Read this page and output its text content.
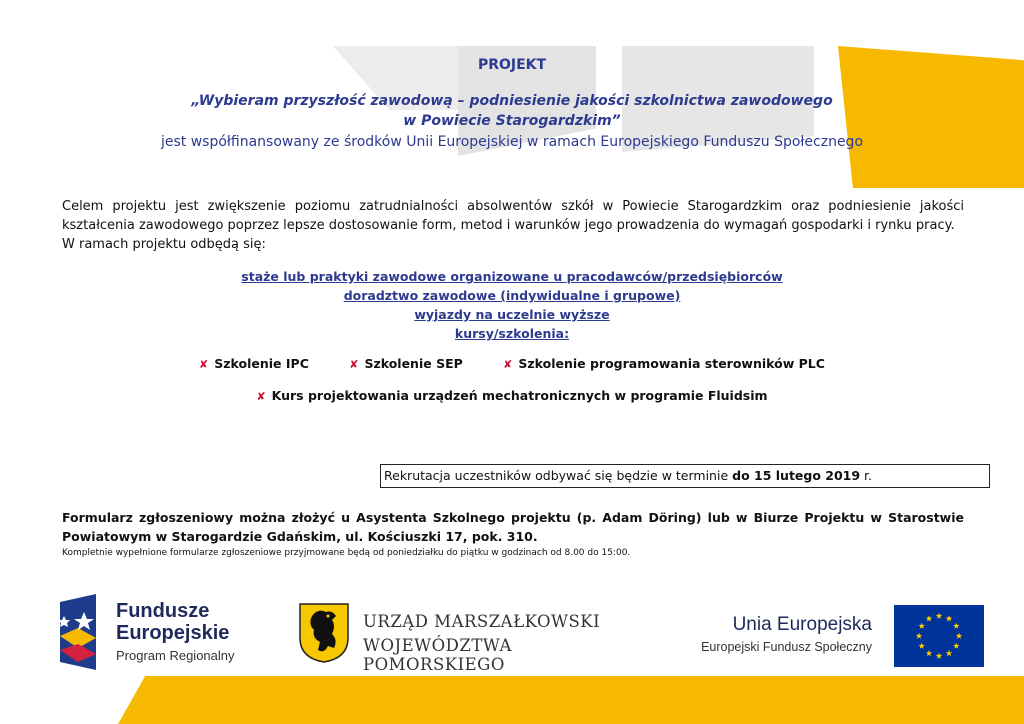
PROJEKT
„Wybieram przyszłość zawodową – podniesienie jakości szkolnictwa zawodowego
w Powiecie Starogardzkim”
jest współfinansowany ze środków Unii Europejskiej w ramach Europejskiego Funduszu Społecznego
Celem projektu jest zwiększenie poziomu zatrudnialności absolwentów szkół w Powiecie Starogardzkim oraz podniesienie jakości kształcenia zawodowego poprzez lepsze dostosowanie form, metod i warunków jego prowadzenia do wymagań gospodarki i rynku pracy.
W ramach projektu odbędą się:
staże lub praktyki zawodowe organizowane u pracodawców/przedsiębiorców
doradztwo zawodowe (indywidualne i grupowe)
wyjazdy na uczelnie wyższe
kursy/szkolenia:
✘ Szkolenie IPC	✘ Szkolenie SEP	✘ Szkolenie programowania sterowników PLC
✘ Kurs projektowania urządzeń mechatronicznych w programie Fluidsim
Rekrutacja uczestników odbywać się będzie w terminie do 15 lutego 2019 r.
Formularz zgłoszeniowy można złożyć u Asystenta Szkolnego projektu (p. Adam Döring) lub w Biurze Projektu w Starostwie Powiatowym w Starogardzie Gdańskim, ul. Kościuszki 17, pok. 310.
Kompletnie wypełnione formularze zgłoszeniowe przyjmowane będą od poniedziałku do piątku w godzinach od 8.00 do 15:00.
Fundusze
Europejskie
Program Regionalny
URZĄD MARSZAŁKOWSKI
WOJEWÓDZTWA POMORSKIEGO
Unia Europejska
Europejski Fundusz Społeczny
